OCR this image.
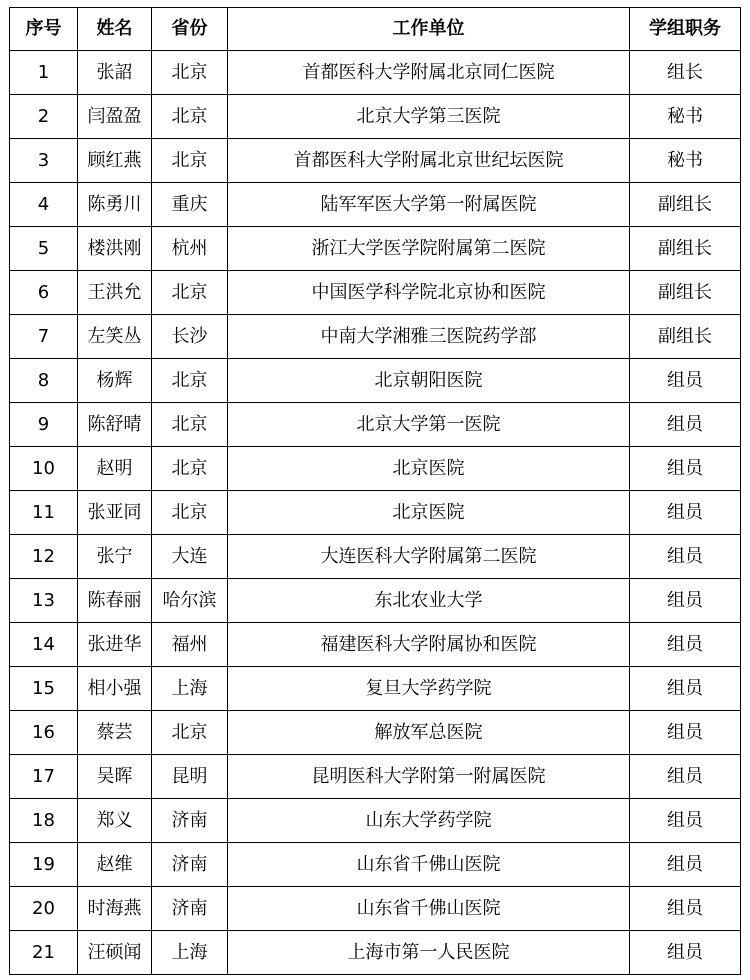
序号	姓名	省份	工作单位	学组职务
1	张詔	北京	首都医科大学附属北京同仁医院	组长
2	闫盈盈	北京	北京大学第三医院	秘书
3	顾红燕	北京	首都医科大学附属北京世纪坛医院	秘书
4	陈勇川	重庆	陆军军医大学第一附属医院	副组长
5	楼洪刚	杭州	浙江大学医学院附属第二医院	副组长
6	王洪允	北京	中国医学科学院北京协和医院	副组长
7	左笑丛	长沙	中南大学湘雅三医院药学部	副组长
8	杨辉	北京	北京朝阳医院	组员
9	陈舒晴	北京	北京大学第一医院	组员
10	赵明	北京	北京医院	组员
11	张亚同	北京	北京医院	组员
12	张宁	大连	大连医科大学附属第二医院	组员
13	陈春丽	哈尔滨	东北农业大学	组员
14	张进华	福州	福建医科大学附属协和医院	组员
15	相小强	上海	复旦大学药学院	组员
16	蔡芸	北京	解放军总医院	组员
17	吴晖	昆明	昆明医科大学附第一附属医院	组员
18	郑义	济南	山东大学药学院	组员
19	赵维	济南	山东省千佛山医院	组员
20	时海燕	济南	山东省千佛山医院	组员
21	汪硕闻	上海	上海市第一人民医院	组员
